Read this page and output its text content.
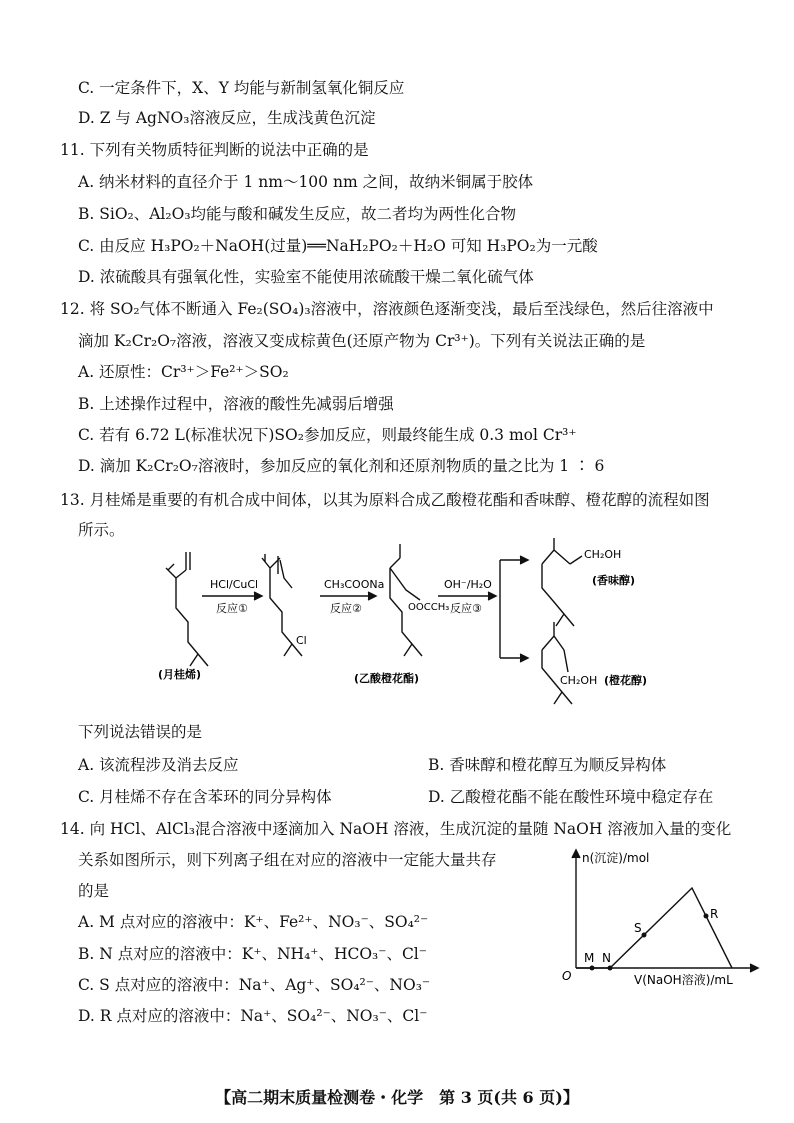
C. 一定条件下，X、Y 均能与新制氢氧化铜反应
D. Z 与 AgNO₃溶液反应，生成浅黄色沉淀
11. 下列有关物质特征判断的说法中正确的是
A. 纳米材料的直径介于 1 nm～100 nm 之间，故纳米铜属于胶体
B. SiO₂、Al₂O₃均能与酸和碱发生反应，故二者均为两性化合物
C. 由反应 H₃PO₂＋NaOH(过量)══NaH₂PO₂＋H₂O 可知 H₃PO₂为一元酸
D. 浓硫酸具有强氧化性，实验室不能使用浓硫酸干燥二氧化硫气体
12. 将 SO₂气体不断通入 Fe₂(SO₄)₃溶液中，溶液颜色逐渐变浅，最后至浅绿色，然后往溶液中
滴加 K₂Cr₂O₇溶液，溶液又变成棕黄色(还原产物为 Cr³⁺)。下列有关说法正确的是
A. 还原性：Cr³⁺＞Fe²⁺＞SO₂
B. 上述操作过程中，溶液的酸性先减弱后增强
C. 若有 6.72 L(标准状况下)SO₂参加反应，则最终能生成 0.3 mol Cr³⁺
D. 滴加 K₂Cr₂O₇溶液时，参加反应的氧化剂和还原剂物质的量之比为 1 ∶ 6
13. 月桂烯是重要的有机合成中间体，以其为原料合成乙酸橙花酯和香味醇、橙花醇的流程如图
所示。
HCl/CuCl
反应①
CH₃COONa
反应②
OH⁻/H₂O
反应③
(月桂烯)
Cl
OOCCH₃
(乙酸橙花酯)
CH₂OH
(香味醇)
CH₂OH (橙花醇)
下列说法错误的是
A. 该流程涉及消去反应	B. 香味醇和橙花醇互为顺反异构体
C. 月桂烯不存在含苯环的同分异构体	D. 乙酸橙花酯不能在酸性环境中稳定存在
14. 向 HCl、AlCl₃混合溶液中逐滴加入 NaOH 溶液，生成沉淀的量随 NaOH 溶液加入量的变化
关系如图所示，则下列离子组在对应的溶液中一定能大量共存
的是
A. M 点对应的溶液中：K⁺、Fe²⁺、NO₃⁻、SO₄²⁻
B. N 点对应的溶液中：K⁺、NH₄⁺、HCO₃⁻、Cl⁻
C. S 点对应的溶液中：Na⁺、Ag⁺、SO₄²⁻、NO₃⁻
D. R 点对应的溶液中：Na⁺、SO₄²⁻、NO₃⁻、Cl⁻
n(沉淀)/mol
O
M N
S
R
V(NaOH溶液)/mL
【高二期末质量检测卷・化学　第 3 页(共 6 页)】
